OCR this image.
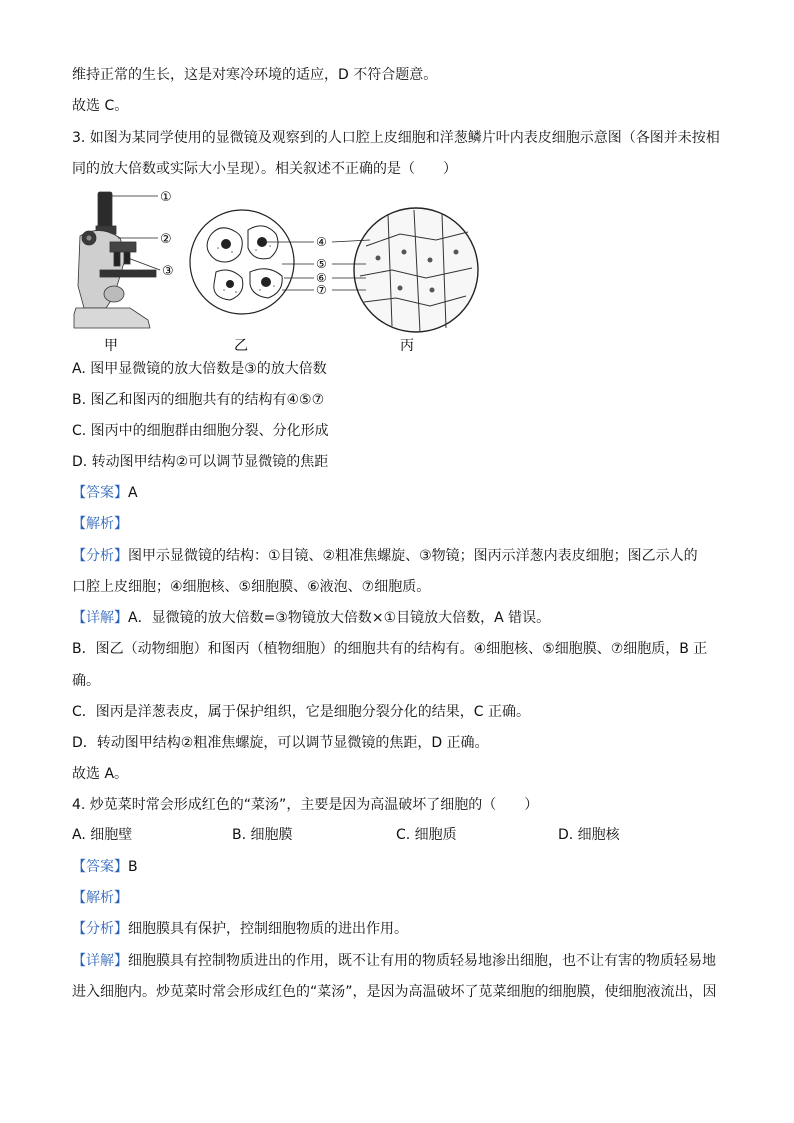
维持正常的生长，这是对寒冷环境的适应，D 不符合题意。
故选 C。
3. 如图为某同学使用的显微镜及观察到的人口腔上皮细胞和洋葱鳞片叶内表皮细胞示意图（各图并未按相
同的放大倍数或实际大小呈现）。相关叙述不正确的是（　　）
①
②
③
④
⑤
⑥
⑦
甲	乙	丙
A. 图甲显微镜的放大倍数是③的放大倍数
B. 图乙和图丙的细胞共有的结构有④⑤⑦
C. 图丙中的细胞群由细胞分裂、分化形成
D. 转动图甲结构②可以调节显微镜的焦距
【答案】A
【解析】
【分析】图甲示显微镜的结构：①目镜、②粗准焦螺旋、③物镜；图丙示洋葱内表皮细胞；图乙示人的
口腔上皮细胞；④细胞核、⑤细胞膜、⑥液泡、⑦细胞质。
【详解】A．显微镜的放大倍数=③物镜放大倍数×①目镜放大倍数，A 错误。
B．图乙（动物细胞）和图丙（植物细胞）的细胞共有的结构有。④细胞核、⑤细胞膜、⑦细胞质，B 正
确。
C．图丙是洋葱表皮，属于保护组织，它是细胞分裂分化的结果，C 正确。
D．转动图甲结构②粗准焦螺旋，可以调节显微镜的焦距，D 正确。
故选 A。
4. 炒苋菜时常会形成红色的“菜汤”，主要是因为高温破坏了细胞的（　　）
A. 细胞壁	B. 细胞膜	C. 细胞质	D. 细胞核
【答案】B
【解析】
【分析】细胞膜具有保护，控制细胞物质的进出作用。
【详解】细胞膜具有控制物质进出的作用，既不让有用的物质轻易地渗出细胞，也不让有害的物质轻易地
进入细胞内。炒苋菜时常会形成红色的“菜汤”，是因为高温破坏了苋菜细胞的细胞膜，使细胞液流出，因
